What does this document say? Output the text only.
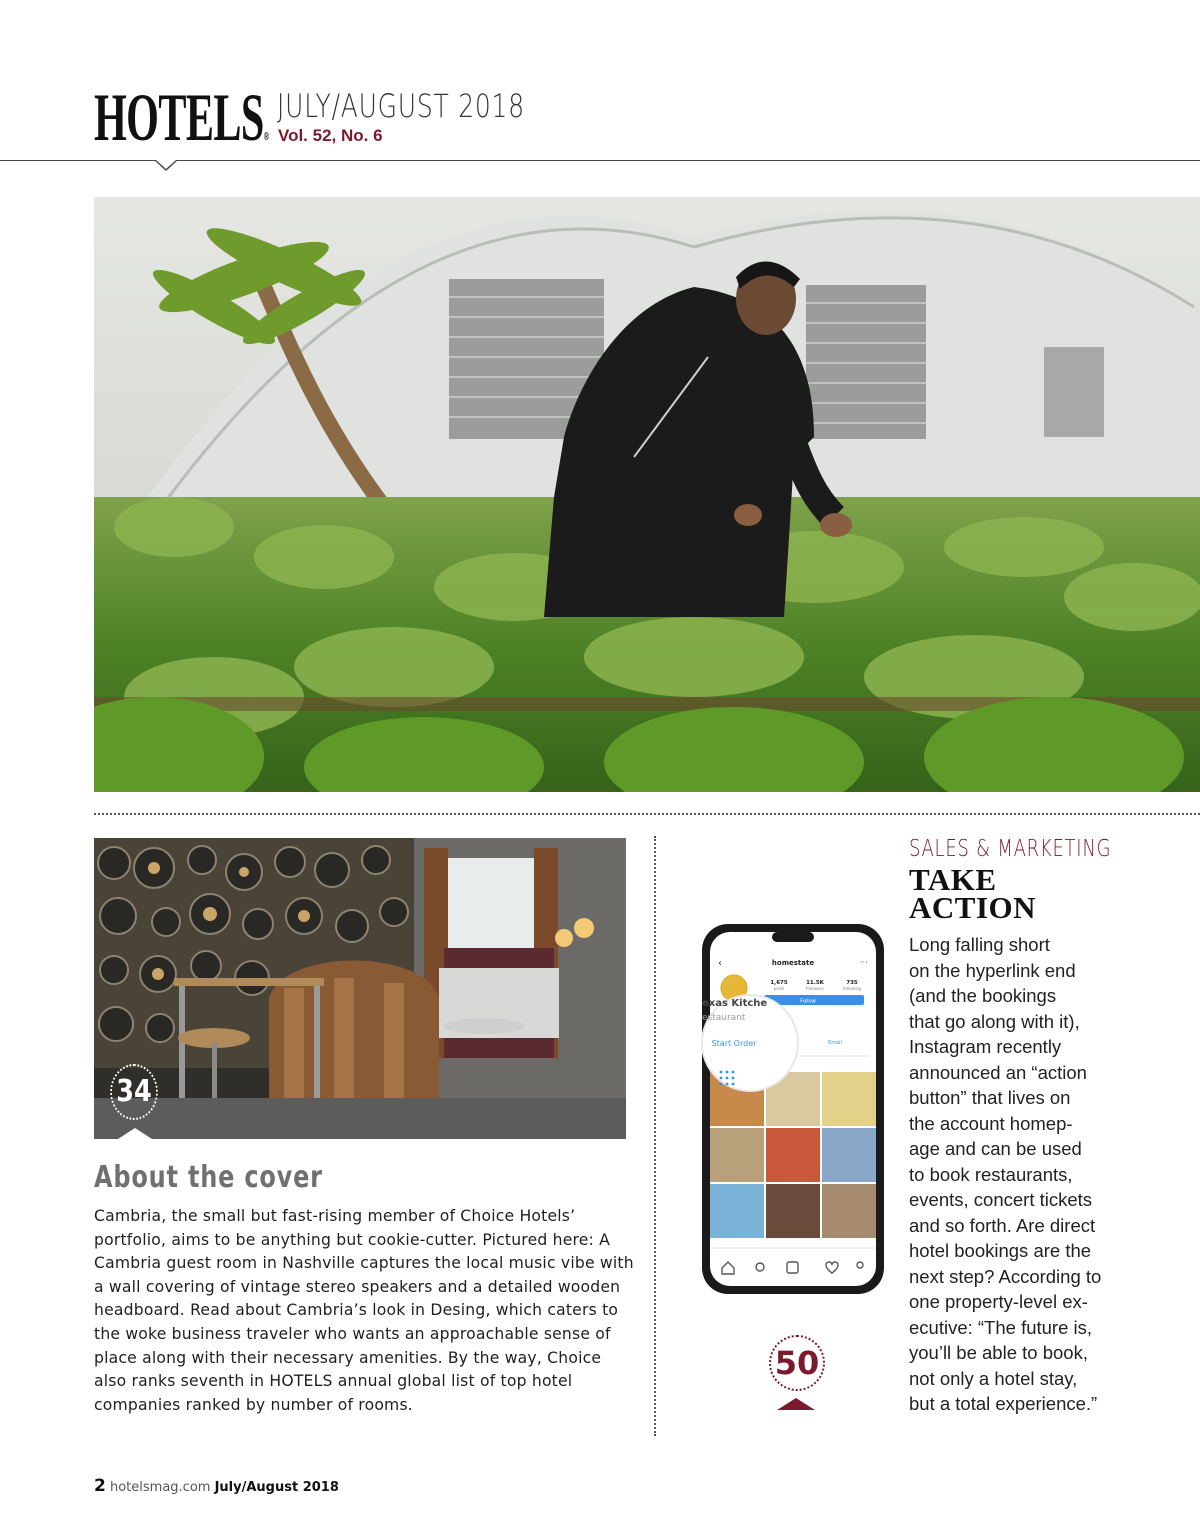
HOTELS®
JULY/AUGUST 2018
Vol. 52, No. 6
34
About the cover
Cambria, the small but fast-rising member of Choice Hotels’ portfolio, aims to be anything but cookie-cutter. Pictured here: A Cambria guest room in Nashville captures the local music vibe with a wall covering of vintage stereo speakers and a detailed wooden headboard. Read about Cambria’s look in Desing, which caters to the woke business traveler who wants an approachable sense of place along with their necessary amenities. By the way, Choice also ranks seventh in HOTELS annual global list of top hotel companies ranked by number of rooms.
‹	homestate	···
1,675
posts
11.5K
followers
735
following
Follow
Email
exas Kitche
estaurant
Start Order
50
SALES & MARKETING
TAKE
ACTION
Long falling short
on the hyperlink end
(and the bookings
that go along with it),
Instagram recently
announced an “action
button” that lives on
the account homep-
age and can be used
to book restaurants,
events, concert tickets
and so forth. Are direct
hotel bookings are the
next step? According to
one property-level ex-
ecutive: “The future is,
you’ll be able to book,
not only a hotel stay,
but a total experience.”
2 hotelsmag.com July/August 2018
